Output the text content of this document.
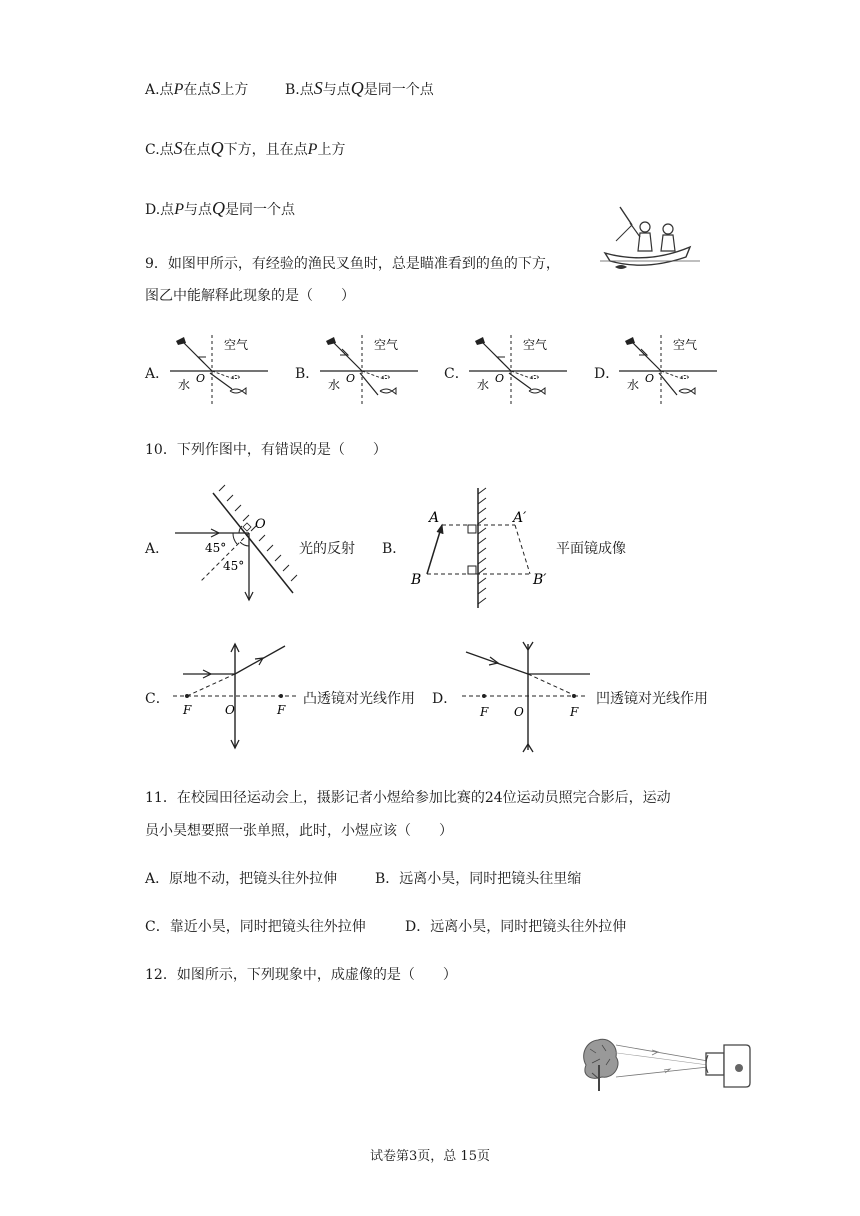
A.点P在点S上方	B.点S与点Q是同一个点
C.点S在点Q下方，且在点P上方
D.点P与点Q是同一个点
9．如图甲所示，有经验的渔民叉鱼时，总是瞄准看到的鱼的下方，
图乙中能解释此现象的是（　　）
A．
空气
水 O	B．
空气
水 O	C．
空气
水 O	D．
空气
水 O
10．下列作图中，有错误的是（　　）
A．
O
45°
45°
光的反射 B．
A	A′
B	B′
平面镜成像
C．
F	O	F
凸透镜对光线作用 D．
F O	F
凹透镜对光线作用
11．在校园田径运动会上，摄影记者小煜给参加比赛的24位运动员照完合影后，运动
员小昊想要照一张单照，此时，小煜应该（　　）
A．原地不动，把镜头往外拉伸	B．远离小昊，同时把镜头往里缩
C．靠近小昊，同时把镜头往外拉伸	D．远离小昊，同时把镜头往外拉伸
12．如图所示，下列现象中，成虚像的是（　　）
试卷第3页，总 15页
